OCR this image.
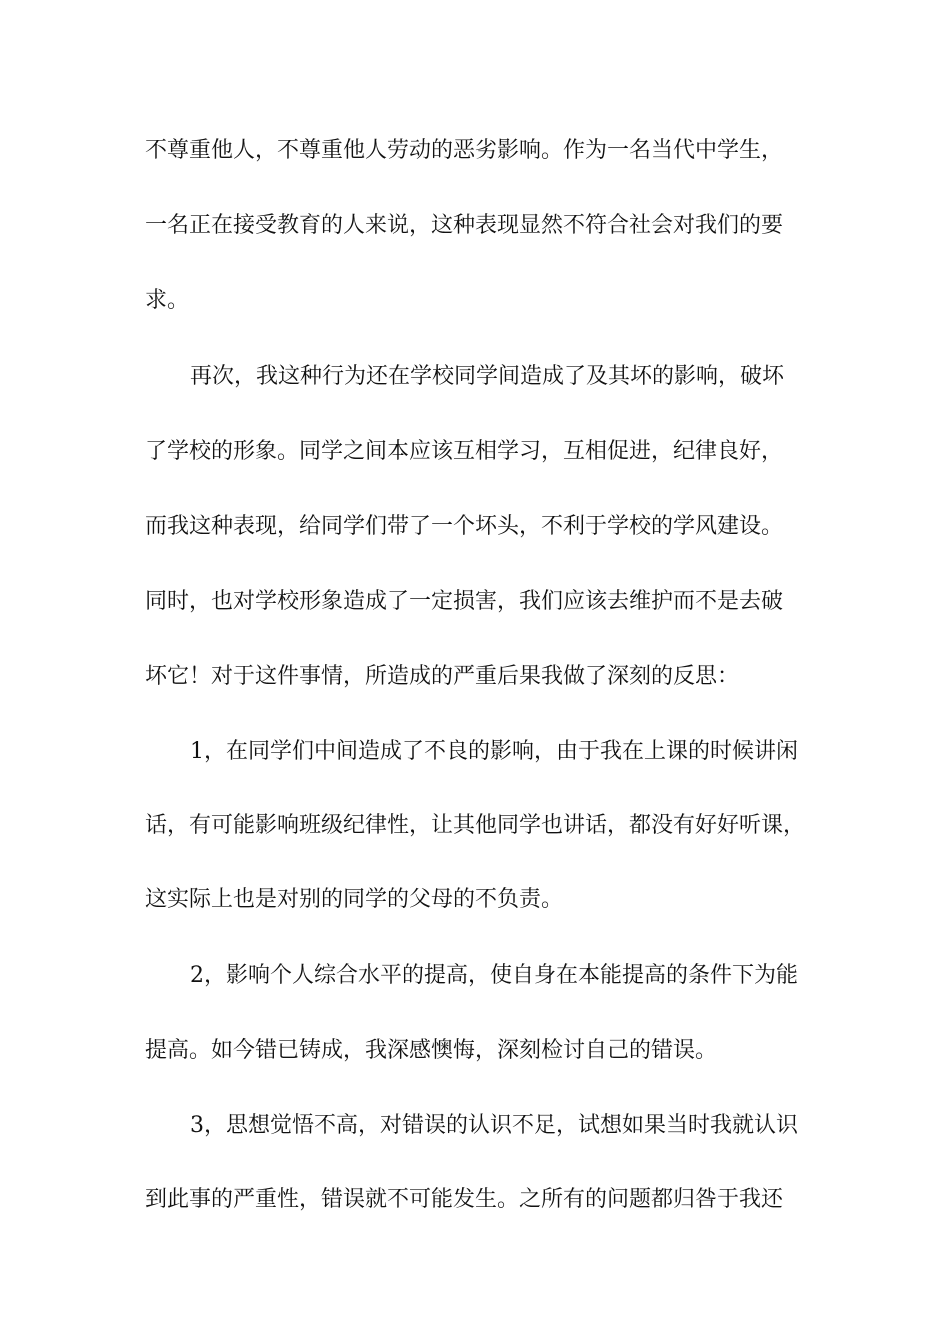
不尊重他人，不尊重他人劳动的恶劣影响。作为一名当代中学生，
一名正在接受教育的人来说，这种表现显然不符合社会对我们的要
求。
再次，我这种行为还在学校同学间造成了及其坏的影响，破坏
了学校的形象。同学之间本应该互相学习，互相促进，纪律良好，
而我这种表现，给同学们带了一个坏头，不利于学校的学风建设。
同时，也对学校形象造成了一定损害，我们应该去维护而不是去破
坏它！对于这件事情，所造成的严重后果我做了深刻的反思：
1，在同学们中间造成了不良的影响，由于我在上课的时候讲闲
话，有可能影响班级纪律性，让其他同学也讲话，都没有好好听课，
这实际上也是对别的同学的父母的不负责。
2，影响个人综合水平的提高，使自身在本能提高的条件下为能
提高。如今错已铸成，我深感懊悔，深刻检讨自己的错误。
3，思想觉悟不高，对错误的认识不足，试想如果当时我就认识
到此事的严重性，错误就不可能发生。之所有的问题都归咎于我还
